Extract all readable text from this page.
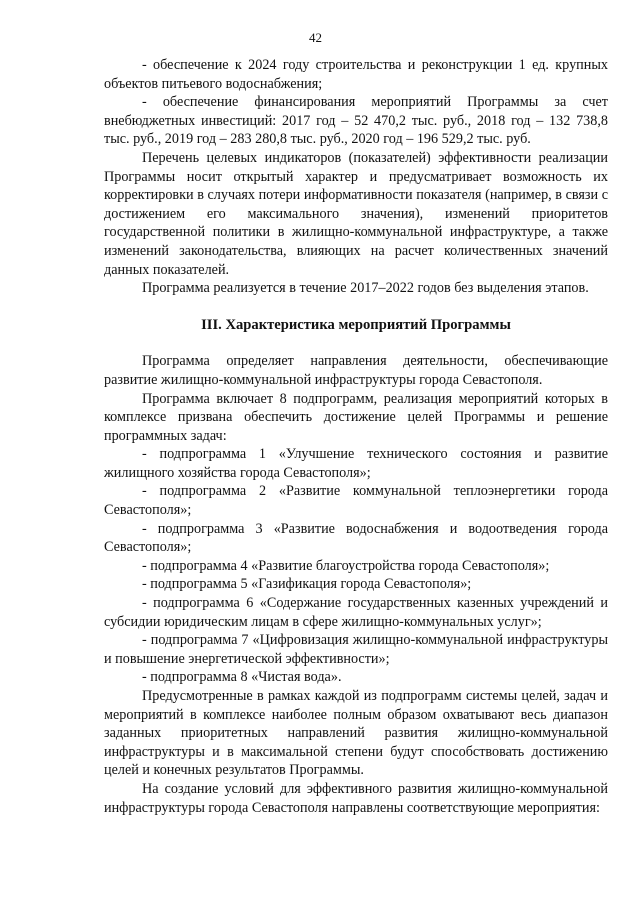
42

- обеспечение к 2024 году строительства и реконструкции 1 ед. крупных объектов питьевого водоснабжения;

- обеспечение финансирования мероприятий Программы за счет внебюджетных инвестиций: 2017 год – 52 470,2 тыс. руб., 2018 год – 132 738,8 тыс. руб., 2019 год – 283 280,8 тыс. руб., 2020 год – 196 529,2 тыс. руб.

Перечень целевых индикаторов (показателей) эффективности реализации Программы носит открытый характер и предусматривает возможность их корректировки в случаях потери информативности показателя (например, в связи с достижением его максимального значения), изменений приоритетов государственной политики в жилищно-коммунальной инфраструктуре, а также изменений законодательства, влияющих на расчет количественных значений данных показателей.

Программа реализуется в течение 2017–2022 годов без выделения этапов.

III. Характеристика мероприятий Программы

Программа определяет направления деятельности, обеспечивающие развитие жилищно-коммунальной инфраструктуры города Севастополя.

Программа включает 8 подпрограмм, реализация мероприятий которых в комплексе призвана обеспечить достижение целей Программы и решение программных задач:

- подпрограмма 1 «Улучшение технического состояния и развитие жилищного хозяйства города Севастополя»;

- подпрограмма 2 «Развитие коммунальной теплоэнергетики города Севастополя»;

- подпрограмма 3 «Развитие водоснабжения и водоотведения города Севастополя»;

- подпрограмма 4 «Развитие благоустройства города Севастополя»;

- подпрограмма 5 «Газификация города Севастополя»;

- подпрограмма 6 «Содержание государственных казенных учреждений и субсидии юридическим лицам в сфере жилищно-коммунальных услуг»;

- подпрограмма 7 «Цифровизация жилищно-коммунальной инфраструктуры и повышение энергетической эффективности»;

- подпрограмма 8 «Чистая вода».

Предусмотренные в рамках каждой из подпрограмм системы целей, задач и мероприятий в комплексе наиболее полным образом охватывают весь диапазон заданных приоритетных направлений развития жилищно-коммунальной инфраструктуры и в максимальной степени будут способствовать достижению целей и конечных результатов Программы.

На создание условий для эффективного развития жилищно-коммунальной инфраструктуры города Севастополя направлены соответствующие мероприятия:
